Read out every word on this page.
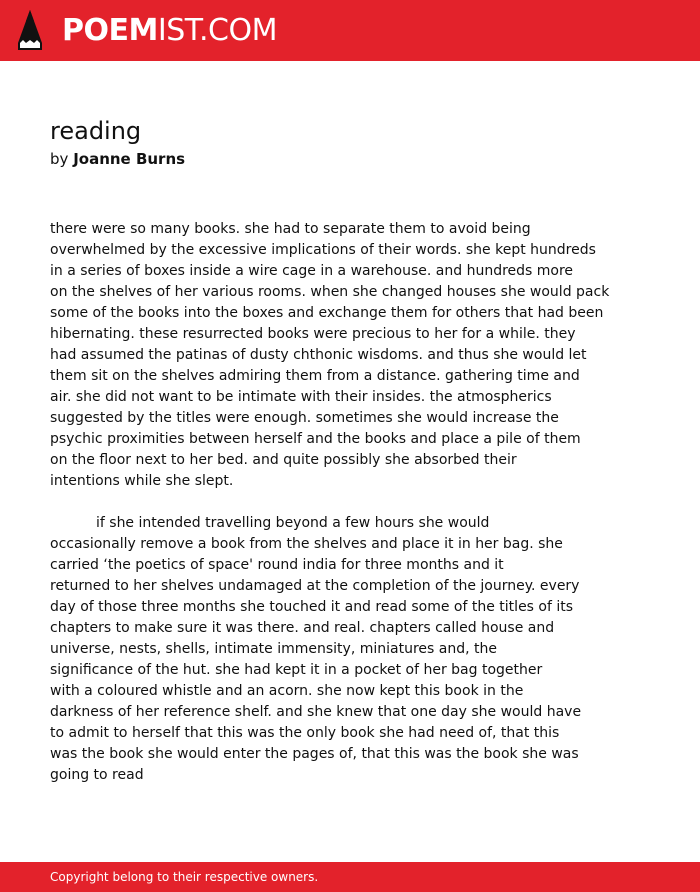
POEMIST.COM
reading
by Joanne Burns
there were so many books. she had to separate them to avoid being
overwhelmed by the excessive implications of their words. she kept hundreds
in a series of boxes inside a wire cage in a warehouse. and hundreds more
on the shelves of her various rooms. when she changed houses she would pack
some of the books into the boxes and exchange them for others that had been
hibernating. these resurrected books were precious to her for a while. they
had assumed the patinas of dusty chthonic wisdoms. and thus she would let
them sit on the shelves admiring them from a distance. gathering time and
air. she did not want to be intimate with their insides. the atmospherics
suggested by the titles were enough. sometimes she would increase the
psychic proximities between herself and the books and place a pile of them
on the floor next to her bed. and quite possibly she absorbed their
intentions while she slept.
if she intended travelling beyond a few hours she would
occasionally remove a book from the shelves and place it in her bag. she
carried ‘the poetics of space' round india for three months and it
returned to her shelves undamaged at the completion of the journey. every
day of those three months she touched it and read some of the titles of its
chapters to make sure it was there. and real. chapters called house and
universe, nests, shells, intimate immensity, miniatures and, the
significance of the hut. she had kept it in a pocket of her bag together
with a coloured whistle and an acorn. she now kept this book in the
darkness of her reference shelf. and she knew that one day she would have
to admit to herself that this was the only book she had need of, that this
was the book she would enter the pages of, that this was the book she was
going to read
Copyright belong to their respective owners.
